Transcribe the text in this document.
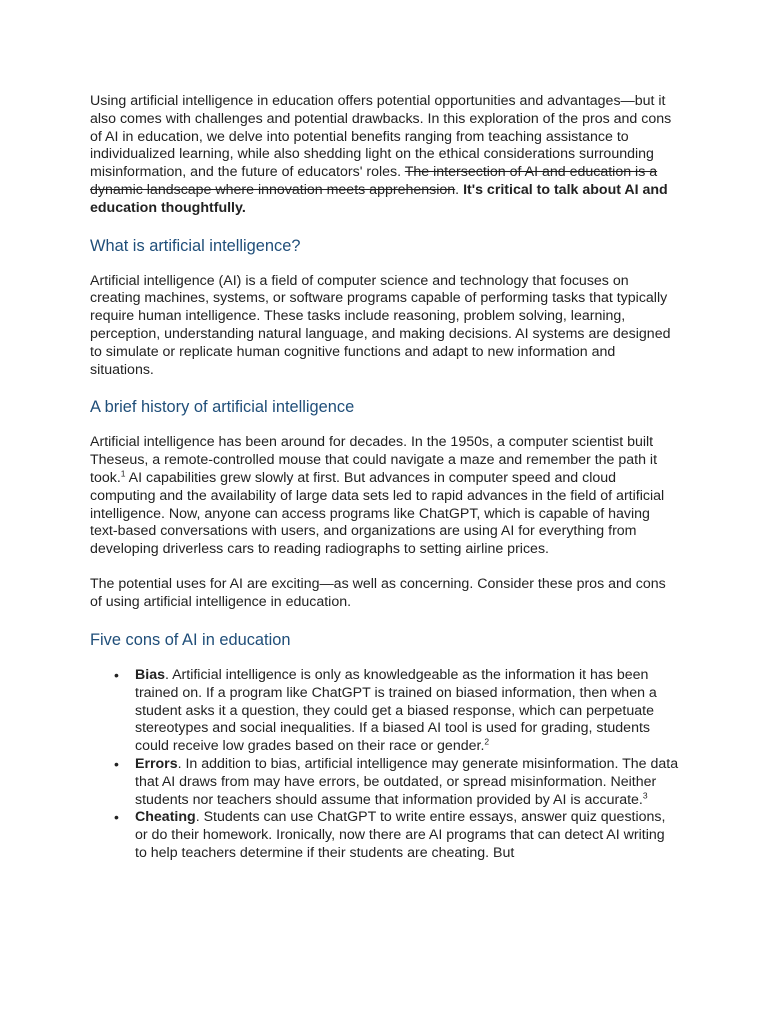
Using artificial intelligence in education offers potential opportunities and advantages—but it also comes with challenges and potential drawbacks. In this exploration of the pros and cons of AI in education, we delve into potential benefits ranging from teaching assistance to individualized learning, while also shedding light on the ethical considerations surrounding misinformation, and the future of educators' roles. The intersection of AI and education is a dynamic landscape where innovation meets apprehension. It's critical to talk about AI and education thoughtfully.

What is artificial intelligence?

Artificial intelligence (AI) is a field of computer science and technology that focuses on creating machines, systems, or software programs capable of performing tasks that typically require human intelligence. These tasks include reasoning, problem solving, learning, perception, understanding natural language, and making decisions. AI systems are designed to simulate or replicate human cognitive functions and adapt to new information and situations.

A brief history of artificial intelligence

Artificial intelligence has been around for decades. In the 1950s, a computer scientist built Theseus, a remote-controlled mouse that could navigate a maze and remember the path it took.$^1$ AI capabilities grew slowly at first. But advances in computer speed and cloud computing and the availability of large data sets led to rapid advances in the field of artificial intelligence. Now, anyone can access programs like ChatGPT, which is capable of having text-based conversations with users, and organizations are using AI for everything from developing driverless cars to reading radiographs to setting airline prices.

The potential uses for AI are exciting—as well as concerning. Consider these pros and cons of using artificial intelligence in education.

Five cons of AI in education
• Bias. Artificial intelligence is only as knowledgeable as the information it has been trained on. If a program like ChatGPT is trained on biased information, then when a student asks it a question, they could get a biased response, which can perpetuate stereotypes and social inequalities. If a biased AI tool is used for grading, students could receive low grades based on their race or gender.$^2$
• Errors. In addition to bias, artificial intelligence may generate misinformation. The data that AI draws from may have errors, be outdated, or spread misinformation. Neither students nor teachers should assume that information provided by AI is accurate.$^3$
• Cheating. Students can use ChatGPT to write entire essays, answer quiz questions, or do their homework. Ironically, now there are AI programs that can detect AI writing to help teachers determine if their students are cheating. But
